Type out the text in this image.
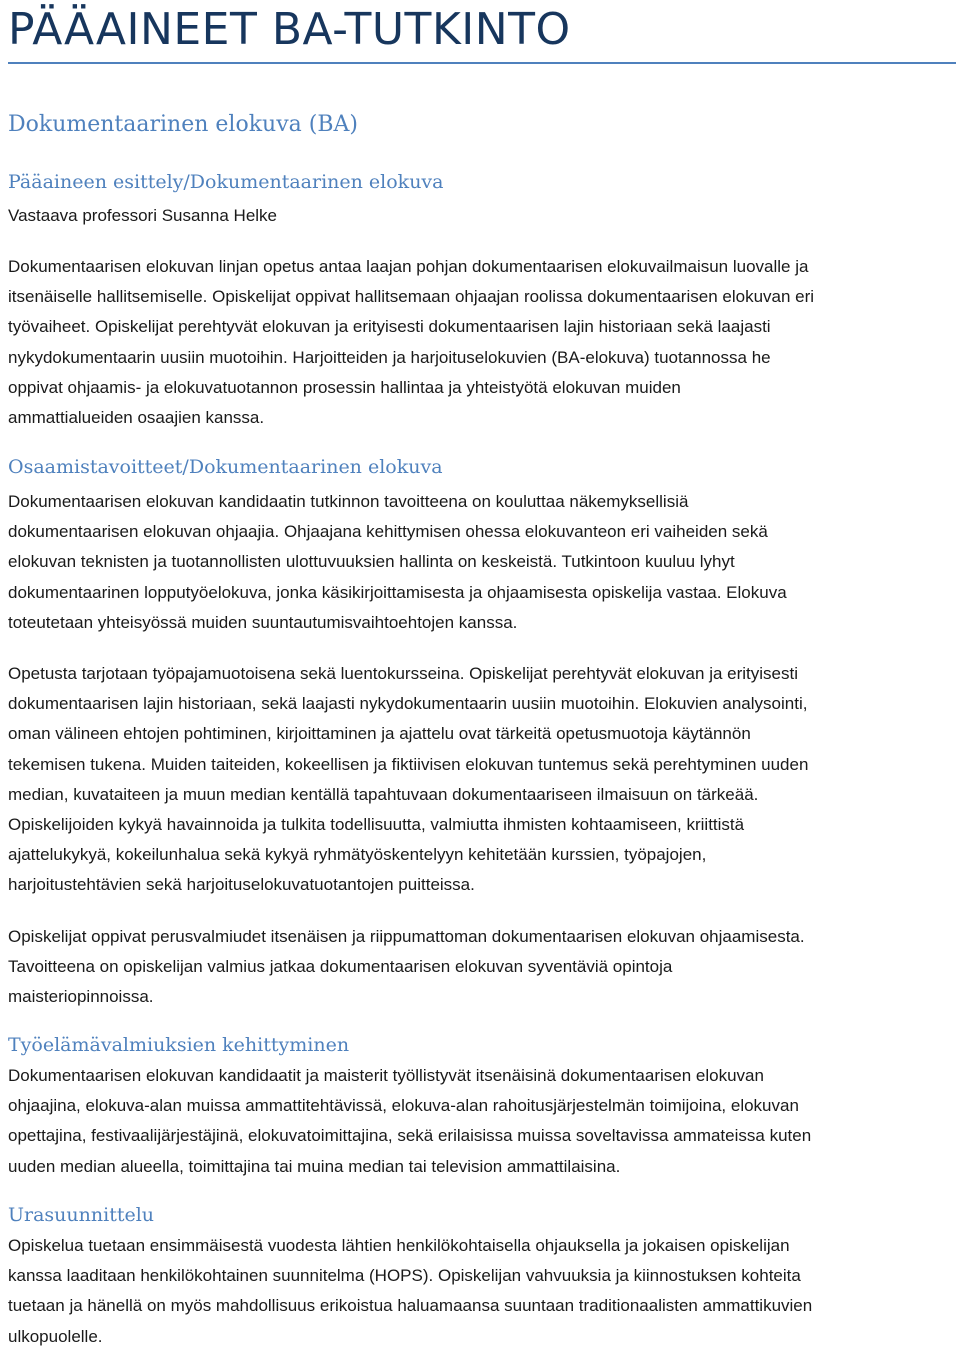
PÄÄAINEET BA-TUTKINTO
Dokumentaarinen elokuva (BA)
Pääaineen esittely/Dokumentaarinen elokuva

Vastaava professori Susanna Helke

Dokumentaarisen elokuvan linjan opetus antaa laajan pohjan dokumentaarisen elokuvailmaisun luovalle ja
itsenäiselle hallitsemiselle. Opiskelijat oppivat hallitsemaan ohjaajan roolissa dokumentaarisen elokuvan eri
työvaiheet. Opiskelijat perehtyvät elokuvan ja erityisesti dokumentaarisen lajin historiaan sekä laajasti
nykydokumentaarin uusiin muotoihin. Harjoitteiden ja harjoituselokuvien (BA-elokuva) tuotannossa he
oppivat ohjaamis- ja elokuvatuotannon prosessin hallintaa ja yhteistyötä elokuvan muiden
ammattialueiden osaajien kanssa.

Osaamistavoitteet/Dokumentaarinen elokuva

Dokumentaarisen elokuvan kandidaatin tutkinnon tavoitteena on kouluttaa näkemyksellisiä
dokumentaarisen elokuvan ohjaajia. Ohjaajana kehittymisen ohessa elokuvanteon eri vaiheiden sekä
elokuvan teknisten ja tuotannollisten ulottuvuuksien hallinta on keskeistä. Tutkintoon kuuluu lyhyt
dokumentaarinen lopputyöelokuva, jonka käsikirjoittamisesta ja ohjaamisesta opiskelija vastaa. Elokuva
toteutetaan yhteisyössä muiden suuntautumisvaihtoehtojen kanssa.

Opetusta tarjotaan työpajamuotoisena sekä luentokursseina. Opiskelijat perehtyvät elokuvan ja erityisesti
dokumentaarisen lajin historiaan, sekä laajasti nykydokumentaarin uusiin muotoihin. Elokuvien analysointi,
oman välineen ehtojen pohtiminen, kirjoittaminen ja ajattelu ovat tärkeitä opetusmuotoja käytännön
tekemisen tukena. Muiden taiteiden, kokeellisen ja fiktiivisen elokuvan tuntemus sekä perehtyminen uuden
median, kuvataiteen ja muun median kentällä tapahtuvaan dokumentaariseen ilmaisuun on tärkeää.
Opiskelijoiden kykyä havainnoida ja tulkita todellisuutta, valmiutta ihmisten kohtaamiseen, kriittistä
ajattelukykyä, kokeilunhalua sekä kykyä ryhmätyöskentelyyn kehitetään kurssien, työpajojen,
harjoitustehtävien sekä harjoituselokuvatuotantojen puitteissa.

Opiskelijat oppivat perusvalmiudet itsenäisen ja riippumattoman dokumentaarisen elokuvan ohjaamisesta.
Tavoitteena on opiskelijan valmius jatkaa dokumentaarisen elokuvan syventäviä opintoja
maisteriopinnoissa.

Työelämävalmiuksien kehittyminen

Dokumentaarisen elokuvan kandidaatit ja maisterit työllistyvät itsenäisinä dokumentaarisen elokuvan
ohjaajina, elokuva-alan muissa ammattitehtävissä, elokuva-alan rahoitusjärjestelmän toimijoina, elokuvan
opettajina, festivaalijärjestäjinä, elokuvatoimittajina, sekä erilaisissa muissa soveltavissa ammateissa kuten
uuden median alueella, toimittajina tai muina median tai television ammattilaisina.

Urasuunnittelu

Opiskelua tuetaan ensimmäisestä vuodesta lähtien henkilökohtaisella ohjauksella ja jokaisen opiskelijan
kanssa laaditaan henkilökohtainen suunnitelma (HOPS). Opiskelijan vahvuuksia ja kiinnostuksen kohteita
tuetaan ja hänellä on myös mahdollisuus erikoistua haluamaansa suuntaan traditionaalisten ammattikuvien
ulkopuolelle.
